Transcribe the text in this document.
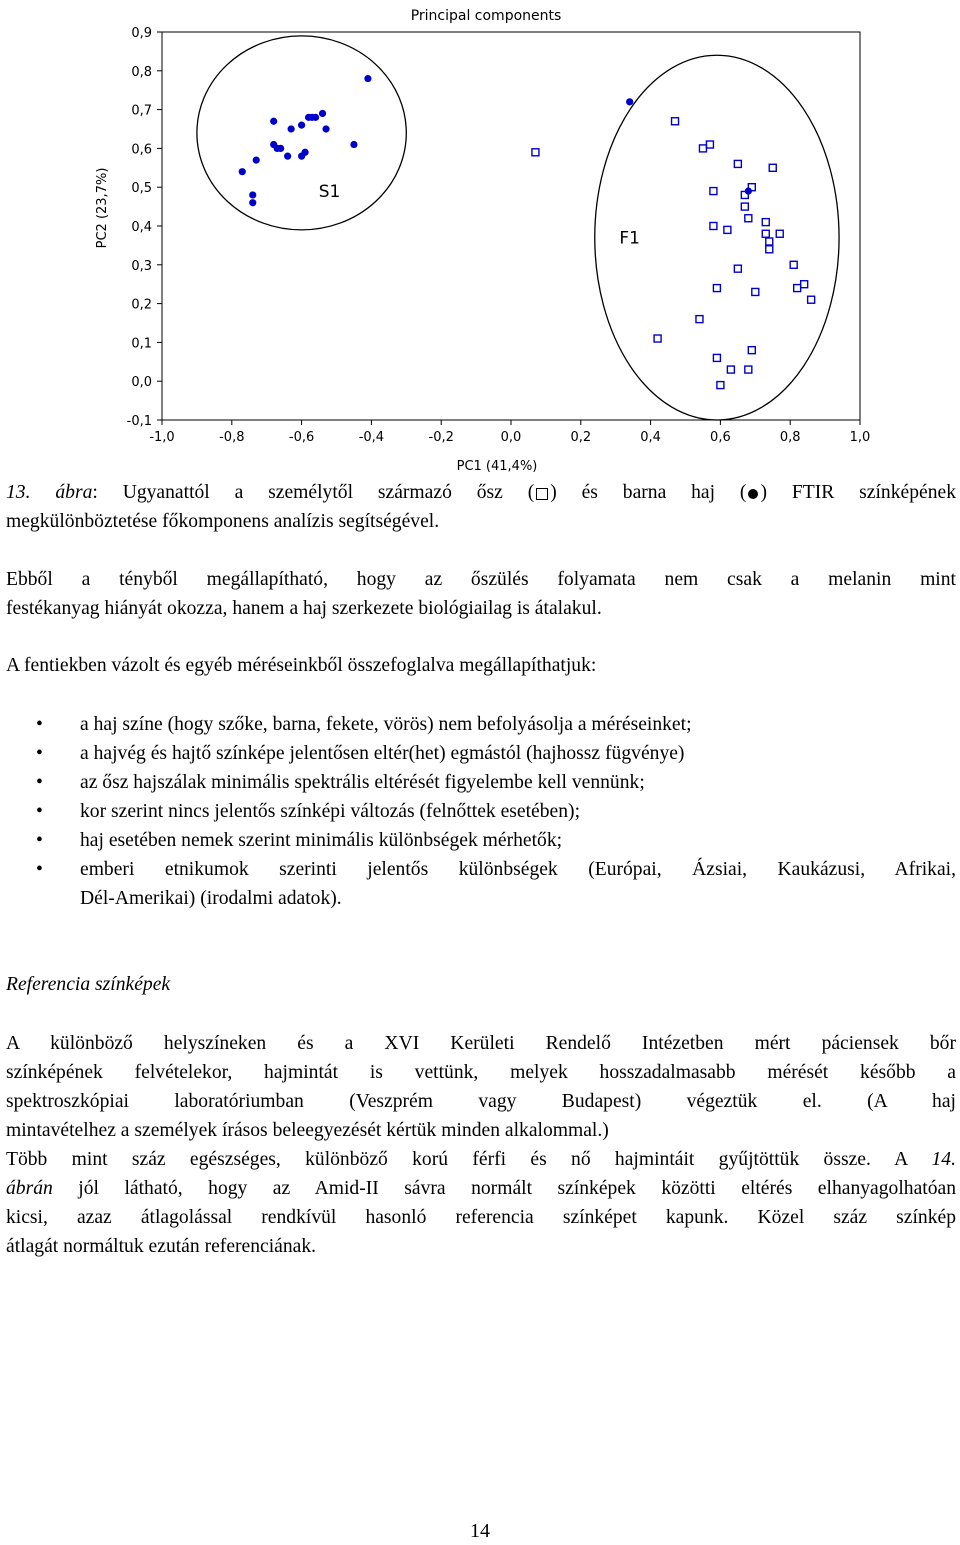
Principal components
PC1 (41,4%)
PC2 (23,7%)
-1,0	-0,8	-0,6	-0,4	-0,2	0,0	0,2	0,4	0,6	0,8	1,0
-0,1
0,0
0,1
0,2
0,3
0,4
0,5
0,6
0,7
0,8
0,9
S1
F1
13. ábra: Ugyanattól a személytől származó ősz ( ) és barna haj ( ) FTIR színképének
megkülönböztetése főkomponens analízis segítségével.
Ebből a tényből megállapítható, hogy az őszülés folyamata nem csak a melanin mint
festékanyag hiányát okozza, hanem a haj szerkezete biológiailag is átalakul.
A fentiekben vázolt és egyéb méréseinkből összefoglalva megállapíthatjuk:
• a haj színe (hogy szőke, barna, fekete, vörös) nem befolyásolja a méréseinket;
• a hajvég és hajtő színképe jelentősen eltér(het) egmástól (hajhossz fügvénye)
• az ősz hajszálak minimális spektrális eltérését figyelembe kell vennünk;
• kor szerint nincs jelentős színképi változás (felnőttek esetében);
• haj esetében nemek szerint minimális különbségek mérhetők;
• emberi etnikumok szerinti jelentős különbségek (Európai, Ázsiai, Kaukázusi, Afrikai,
Dél-Amerikai) (irodalmi adatok).
Referencia színképek
A különböző helyszíneken és a XVI Kerületi Rendelő Intézetben mért páciensek bőr
színképének felvételekor, hajmintát is vettünk, melyek hosszadalmasabb mérését később a
spektroszkópiai laboratóriumban (Veszprém vagy Budapest) végeztük el. (A haj
mintavételhez a személyek írásos beleegyezését kértük minden alkalommal.)
Több mint száz egészséges, különböző korú férfi és nő hajmintáit gyűjtöttük össze. A 14.
ábrán jól látható, hogy az Amid-II sávra normált színképek közötti eltérés elhanyagolhatóan
kicsi, azaz átlagolással rendkívül hasonló referencia színképet kapunk. Közel száz színkép
átlagát normáltuk ezután referenciának.
14
